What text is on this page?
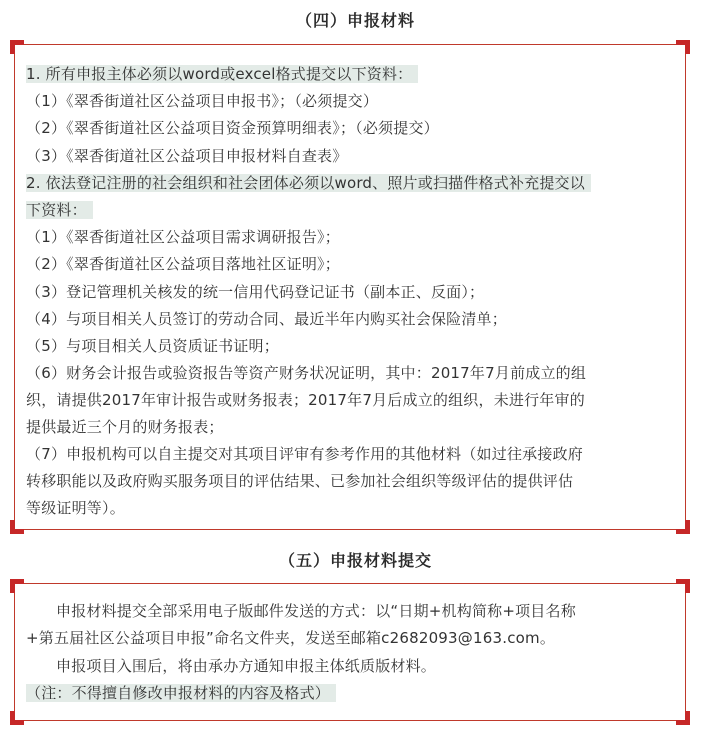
（四）申报材料
1. 所有申报主体必须以word或excel格式提交以下资料：
（1）《翠香街道社区公益项目申报书》；（必须提交）
（2）《翠香街道社区公益项目资金预算明细表》；（必须提交）
（3）《翠香街道社区公益项目申报材料自查表》
2. 依法登记注册的社会组织和社会团体必须以word、照片或扫描件格式补充提交以
下资料：
（1）《翠香街道社区公益项目需求调研报告》；
（2）《翠香街道社区公益项目落地社区证明》；
（3）登记管理机关核发的统一信用代码登记证书（副本正、反面）；
（4）与项目相关人员签订的劳动合同、最近半年内购买社会保险清单；
（5）与项目相关人员资质证书证明；
（6）财务会计报告或验资报告等资产财务状况证明，其中：2017年7月前成立的组
织，请提供2017年审计报告或财务报表；2017年7月后成立的组织，未进行年审的
提供最近三个月的财务报表；
（7）申报机构可以自主提交对其项目评审有参考作用的其他材料（如过往承接政府
转移职能以及政府购买服务项目的评估结果、已参加社会组织等级评估的提供评估
等级证明等）。
（五）申报材料提交
申报材料提交全部采用电子版邮件发送的方式：以“日期+机构简称+项目名称
+第五届社区公益项目申报”命名文件夹，发送至邮箱c2682093@163.com。
申报项目入围后，将由承办方通知申报主体纸质版材料。
（注：不得擅自修改申报材料的内容及格式）
